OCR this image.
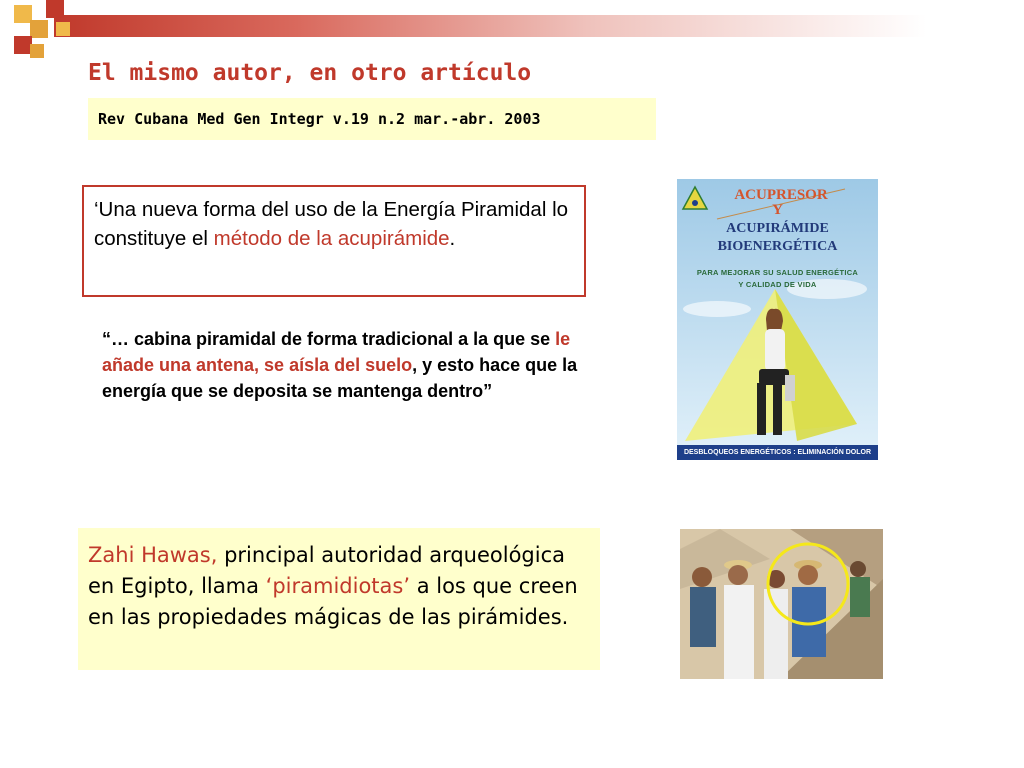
El mismo autor, en otro artículo
Rev Cubana Med Gen Integr v.19 n.2 mar.-abr. 2003
‘Una nueva forma del uso de la Energía Piramidal lo constituye el método de la acupirámide.
“… cabina piramidal de forma tradicional a la que se le añade una antena, se aísla del suelo, y esto hace que la energía que se deposita se mantenga dentro”
Zahi Hawas, principal autoridad arqueológica en Egipto, llama ‘piramidiotas’ a los que creen en las propiedades mágicas de las pirámides.
ACUPRESOR
Y
ACUPIRÁMIDE
BIOENERGÉTICA
PARA MEJORAR SU SALUD ENERGÉTICA
Y CALIDAD DE VIDA
DESBLOQUEOS ENERGÉTICOS : ELIMINACIÓN DOLOR
